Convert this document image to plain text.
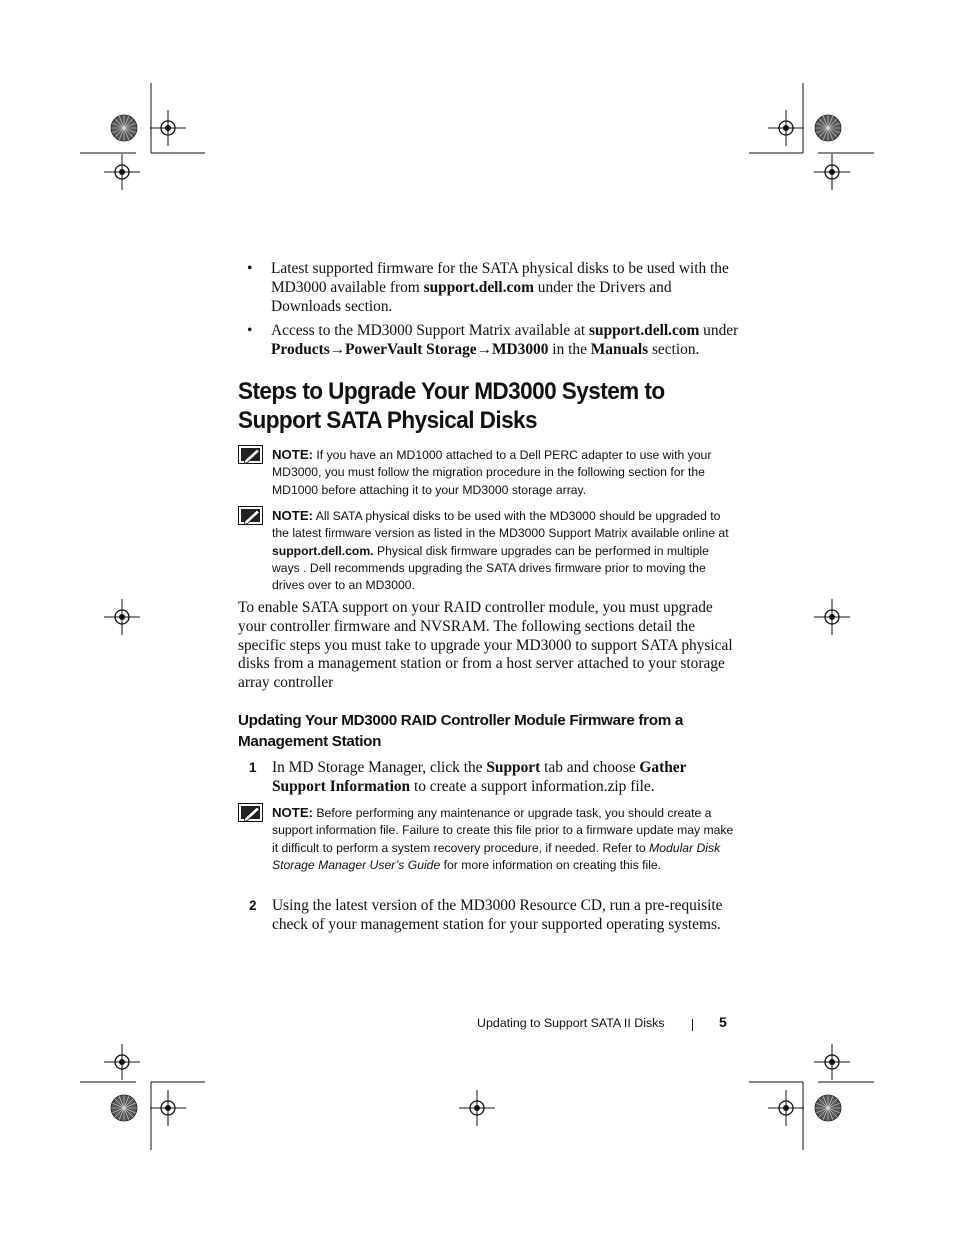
• Latest supported firmware for the SATA physical disks to be used with the MD3000 available from support.dell.com under the Drivers and Downloads section.
• Access to the MD3000 Support Matrix available at support.dell.com under Products→PowerVault Storage→MD3000 in the Manuals section.
Steps to Upgrade Your MD3000 System to Support SATA Physical Disks
NOTE: If you have an MD1000 attached to a Dell PERC adapter to use with your MD3000, you must follow the migration procedure in the following section for the MD1000 before attaching it to your MD3000 storage array.
NOTE: All SATA physical disks to be used with the MD3000 should be upgraded to the latest firmware version as listed in the MD3000 Support Matrix available online at support.dell.com. Physical disk firmware upgrades can be performed in multiple ways . Dell recommends upgrading the SATA drives firmware prior to moving the drives over to an MD3000.
To enable SATA support on your RAID controller module, you must upgrade your controller firmware and NVSRAM. The following sections detail the specific steps you must take to upgrade your MD3000 to support SATA physical disks from a management station or from a host server attached to your storage array controller
Updating Your MD3000 RAID Controller Module Firmware from a Management Station
1 In MD Storage Manager, click the Support tab and choose Gather Support Information to create a support information.zip file.
NOTE: Before performing any maintenance or upgrade task, you should create a support information file. Failure to create this file prior to a firmware update may make it difficult to perform a system recovery procedure, if needed. Refer to Modular Disk Storage Manager User’s Guide for more information on creating this file.
2 Using the latest version of the MD3000 Resource CD, run a pre-requisite check of your management station for your supported operating systems.
Updating to Support SATA II Disks	5
